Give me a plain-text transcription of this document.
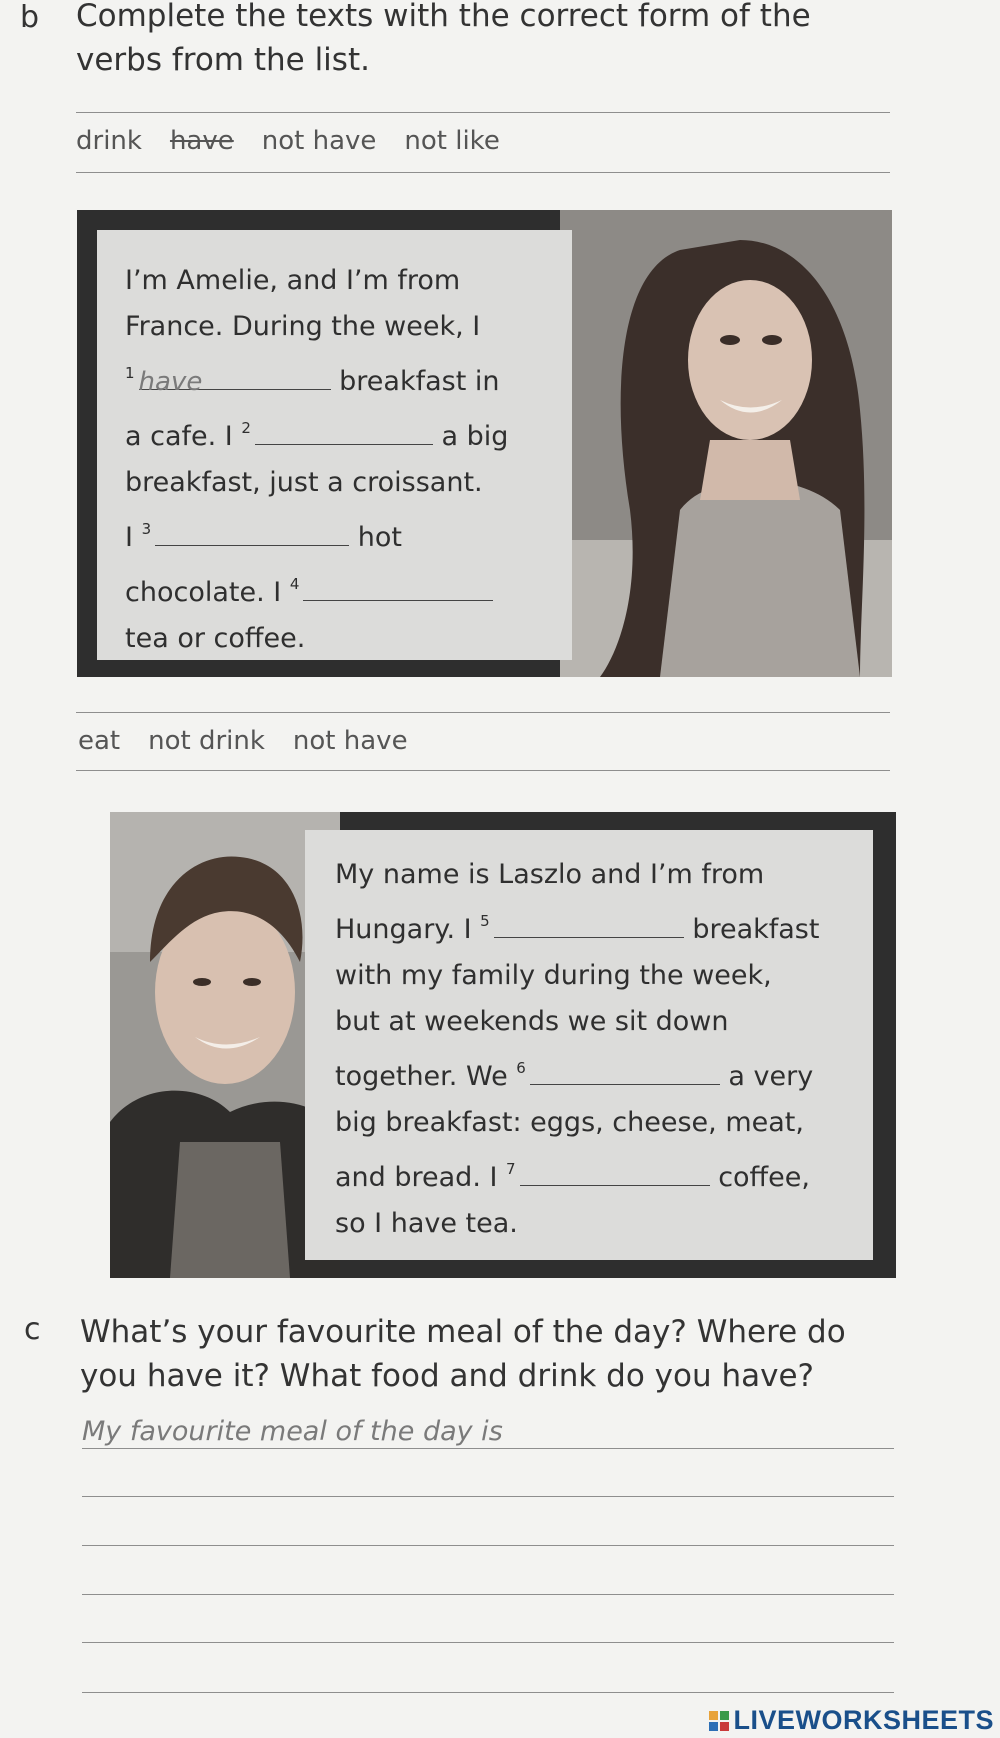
b Complete the texts with the correct form of the
verbs from the list.
drink have not have not like
I’m Amelie, and I’m from
France. During the week, I
$^1$ have	breakfast in
a cafe. I $^2$	a big
breakfast, just a croissant.
I $^3$	hot
chocolate. I $^4$
tea or coffee.
eat not drink not have
My name is Laszlo and I’m from
Hungary. I $^5$	breakfast
with my family during the week,
but at weekends we sit down
together. We $^6$	a very
big breakfast: eggs, cheese, meat,
and bread. I $^7$	coffee,
so I have tea.
c What’s your favourite meal of the day? Where do
you have it? What food and drink do you have?
My favourite meal of the day is
LIVEWORKSHEETS
